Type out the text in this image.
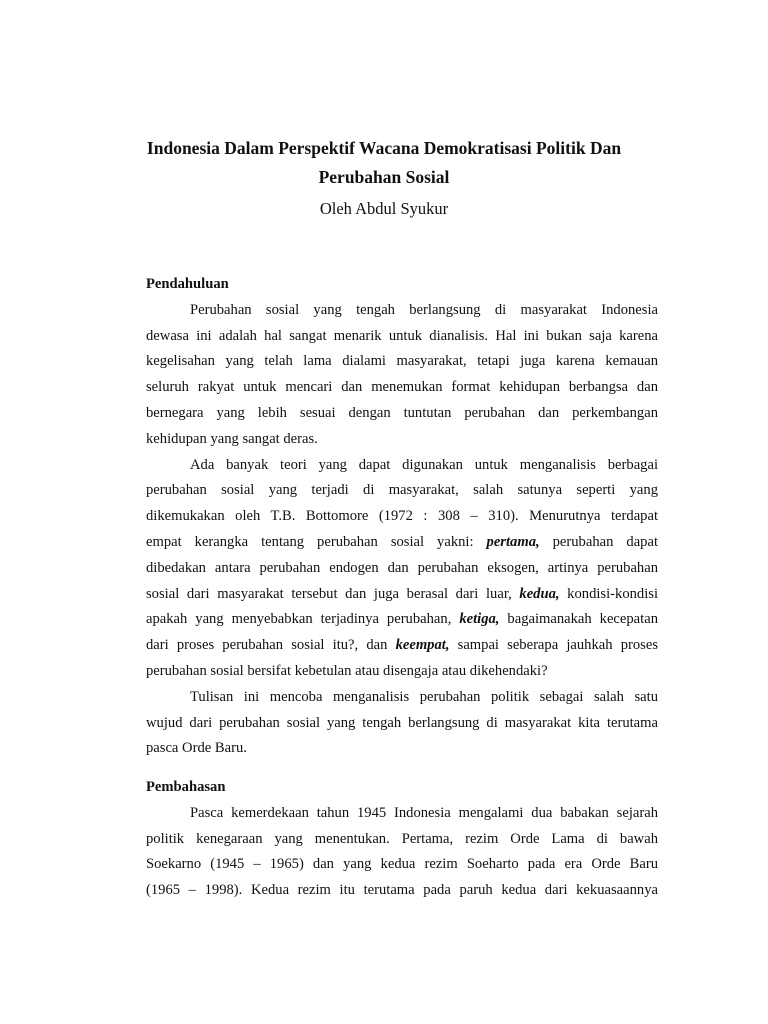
Indonesia Dalam Perspektif Wacana Demokratisasi Politik Dan
Perubahan Sosial
Oleh Abdul Syukur
Pendahuluan
Perubahan sosial yang tengah berlangsung di masyarakat Indonesia
dewasa ini adalah hal sangat menarik untuk dianalisis. Hal ini bukan saja karena
kegelisahan yang telah lama dialami masyarakat, tetapi juga karena kemauan
seluruh rakyat untuk mencari dan menemukan format kehidupan berbangsa dan
bernegara yang lebih sesuai dengan tuntutan perubahan dan perkembangan
kehidupan yang sangat deras.
Ada banyak teori yang dapat digunakan untuk menganalisis berbagai
perubahan sosial yang terjadi di masyarakat, salah satunya seperti yang
dikemukakan oleh T.B. Bottomore (1972 : 308 – 310). Menurutnya terdapat
empat kerangka tentang perubahan sosial yakni: pertama, perubahan dapat
dibedakan antara perubahan endogen dan perubahan eksogen, artinya perubahan
sosial dari masyarakat tersebut dan juga berasal dari luar, kedua, kondisi-kondisi
apakah yang menyebabkan terjadinya perubahan, ketiga, bagaimanakah kecepatan
dari proses perubahan sosial itu?, dan keempat, sampai seberapa jauhkah proses
perubahan sosial bersifat kebetulan atau disengaja atau dikehendaki?
Tulisan ini mencoba menganalisis perubahan politik sebagai salah satu
wujud dari perubahan sosial yang tengah berlangsung di masyarakat kita terutama
pasca Orde Baru.
Pembahasan
Pasca kemerdekaan tahun 1945 Indonesia mengalami dua babakan sejarah
politik kenegaraan yang menentukan. Pertama, rezim Orde Lama di bawah
Soekarno (1945 – 1965) dan yang kedua rezim Soeharto pada era Orde Baru
(1965 – 1998). Kedua rezim itu terutama pada paruh kedua dari kekuasaannya
